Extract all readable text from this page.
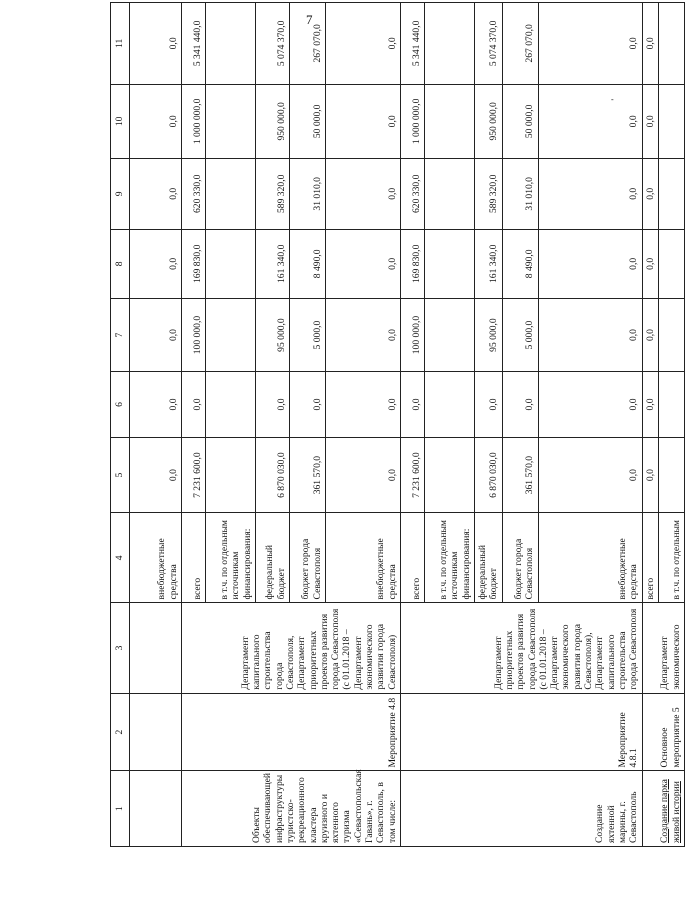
7
-
1	2	3	4	5	6	7	8	9	10	11
			внебюджетные средства	0,0	0,0	0,0	0,0	0,0	0,0	0,0
Объекты обеспечивающей инфраструктуры туристско-рекреационного кластера круизного и яхтенного туризма «Севастопольская Гавань», г. Севастополь, в том числе:	Мероприятие 4.8	Департамент капитального строительства города Севастополя, Департамент приоритетных проектов развития города Севастополя (с 01.01.2018 – Департамент экономического развития города Севастополя)	всего	7 231 600,0	0,0	100 000,0	169 830,0	620 330,0	1 000 000,0	5 341 440,0
			в т.ч. по отдельным источникам финансирования:							
			федеральный бюджет	6 870 030,0	0,0	95 000,0	161 340,0	589 320,0	950 000,0	5 074 370,0
			бюджет города Севастополя	361 570,0	0,0	5 000,0	8 490,0	31 010,0	50 000,0	267 070,0
			внебюджетные средства	0,0	0,0	0,0	0,0	0,0	0,0	0,0
Создание яхтенной марины, г. Севастополь	Мероприятие 4.8.1	Департамент приоритетных проектов развития города Севастополя (с 01.01.2018 – Департамент экономического развития города Севастополя), Департамент капитального строительства города Севастополя	всего	7 231 600,0	0,0	100 000,0	169 830,0	620 330,0	1 000 000,0	5 341 440,0
			в т.ч. по отдельным источникам финансирования:							
			федеральный бюджет	6 870 030,0	0,0	95 000,0	161 340,0	589 320,0	950 000,0	5 074 370,0
			бюджет города Севастополя	361 570,0	0,0	5 000,0	8 490,0	31 010,0	50 000,0	267 070,0
			внебюджетные средства	0,0	0,0	0,0	0,0	0,0	0,0	0,0
Создание парка живой истории	Основное мероприятие 5	Департамент экономического	всего	0,0	0,0	0,0	0,0	0,0	0,0	0,0
			в т.ч. по отдельным							
